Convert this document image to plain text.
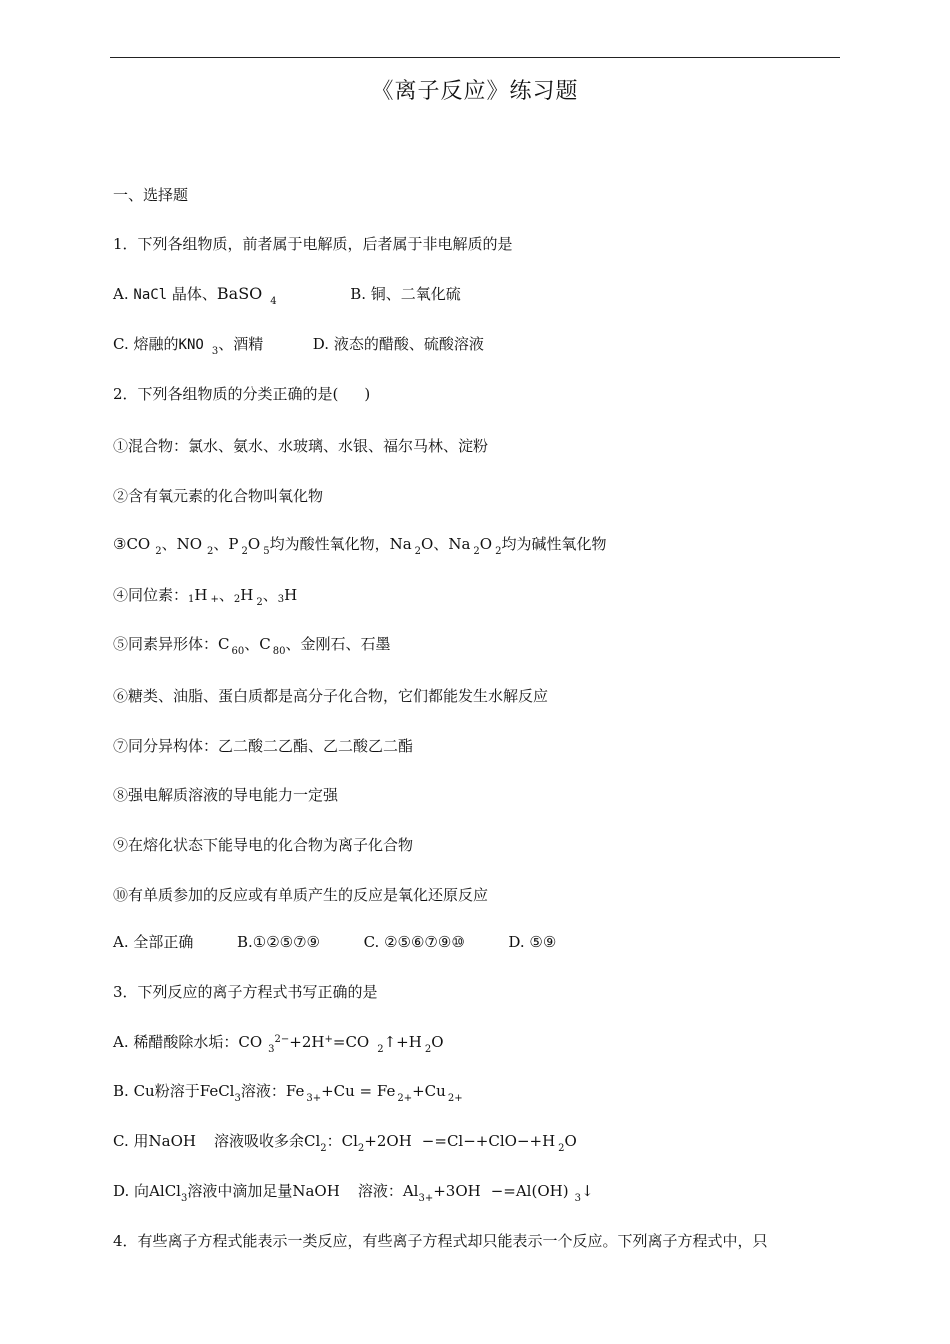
《离子反应》练习题
一、选择题
1．下列各组物质，前者属于电解质，后者属于非电解质的是
A. NaCl 晶体、BaSO $_4$	B. 铜、二氧化硫
C. 熔融的KNO $_3$、酒精	D. 液态的醋酸、硫酸溶液
2．下列各组物质的分类正确的是( )
①混合物：氯水、氨水、水玻璃、水银、福尔马林、淀粉
②含有氧元素的化合物叫氧化物
③CO $_2$、NO $_2$、P $_2$O $_5$均为酸性氧化物，Na $_2$O、Na $_2$O $_2$均为碱性氧化物
④同位素：1H +、2H $_2$、3H
⑤同素异形体：C $_{60}$、C $_{80}$、金刚石、石墨
⑥糖类、油脂、蛋白质都是高分子化合物，它们都能发生水解反应
⑦同分异构体：乙二酸二乙酯、乙二酸乙二酯
⑧强电解质溶液的导电能力一定强
⑨在熔化状态下能导电的化合物为离子化合物
⑩有单质参加的反应或有单质产生的反应是氧化还原反应
A. 全部正确	B.①②⑤⑦⑨	C. ②⑤⑥⑦⑨⑩	D. ⑤⑨
3．下列反应的离子方程式书写正确的是
A. 稀醋酸除水垢：CO $_3^{2-}$+2H+=CO $_2$↑+H $_2$O
B. Cu粉溶于FeCl$_3$溶液：Fe $_{3+}$+Cu = Fe $_{2+}$+Cu $_{2+}$
C. 用NaOH 溶液吸收多余$Cl_2$：$Cl_2+2OH -=Cl-+ClO-+H$ $_2$O
D. 向AlCl$_3$溶液中滴加足量NaOH 溶液：$Al_{3+}+3OH -=Al(OH)$ $_3$↓
4．有些离子方程式能表示一类反应，有些离子方程式却只能表示一个反应。下列离子方程式中，只
